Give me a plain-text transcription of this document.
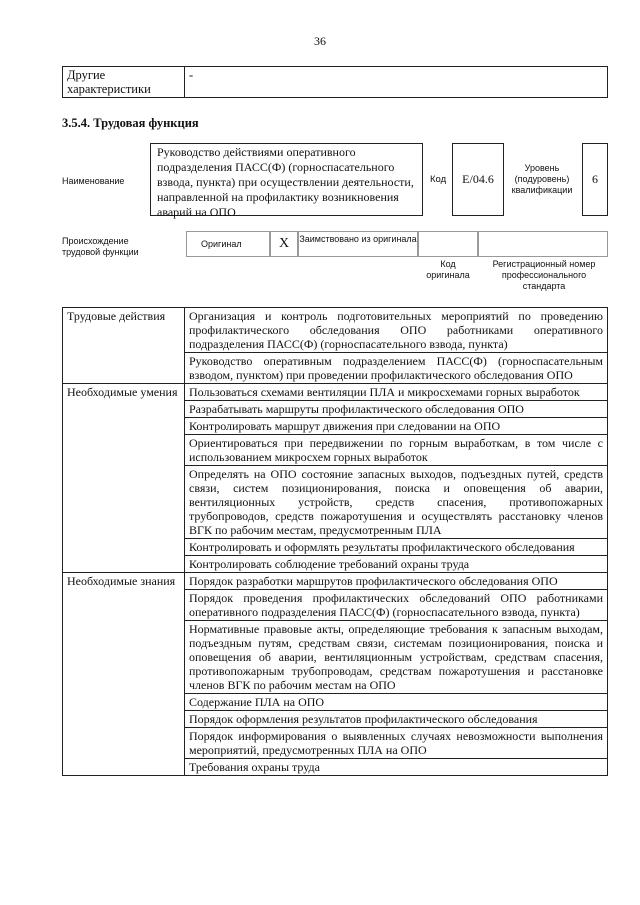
36
Другие характеристики	-
3.5.4. Трудовая функция
Наименование
Руководство действиями оперативного подразделения ПАСС(Ф) (горноспасательного взвода, пункта) при осуществлении деятельности, направленной на профилактику возникновения аварий на ОПО
Код	E/04.6
Уровень (подуровень) квалификации
6
Происхождение трудовой функции
Оригинал	X	Заимствовано из оригинала
Код оригинала
Регистрационный номер профессионального стандарта
Трудовые действия	Организация и контроль подготовительных мероприятий по проведению профилактического обследования ОПО работниками оперативного подразделения ПАСС(Ф) (горноспасательного взвода, пункта)
	Руководство оперативным подразделением ПАСС(Ф) (горноспасательным взводом, пунктом) при проведении профилактического обследования ОПО
Необходимые умения	Пользоваться схемами вентиляции ПЛА и микросхемами горных выработок
	Разрабатывать маршруты профилактического обследования ОПО
	Контролировать маршрут движения при следовании на ОПО
	Ориентироваться при передвижении по горным выработкам, в том числе с использованием микросхем горных выработок
	Определять на ОПО состояние запасных выходов, подъездных путей, средств связи, систем позиционирования, поиска и оповещения об аварии, вентиляционных устройств, средств спасения, противопожарных трубопроводов, средств пожаротушения и осуществлять расстановку членов ВГК по рабочим местам, предусмотренным ПЛА
	Контролировать и оформлять результаты профилактического обследования
	Контролировать соблюдение требований охраны труда
Необходимые знания	Порядок разработки маршрутов профилактического обследования ОПО
	Порядок проведения профилактических обследований ОПО работниками оперативного подразделения ПАСС(Ф) (горноспасательного взвода, пункта)
	Нормативные правовые акты, определяющие требования к запасным выходам, подъездным путям, средствам связи, системам позиционирования, поиска и оповещения об аварии, вентиляционным устройствам, средствам спасения, противопожарным трубопроводам, средствам пожаротушения и расстановке членов ВГК по рабочим местам на ОПО
	Содержание ПЛА на ОПО
	Порядок оформления результатов профилактического обследования
	Порядок информирования о выявленных случаях невозможности выполнения мероприятий, предусмотренных ПЛА на ОПО
	Требования охраны труда
